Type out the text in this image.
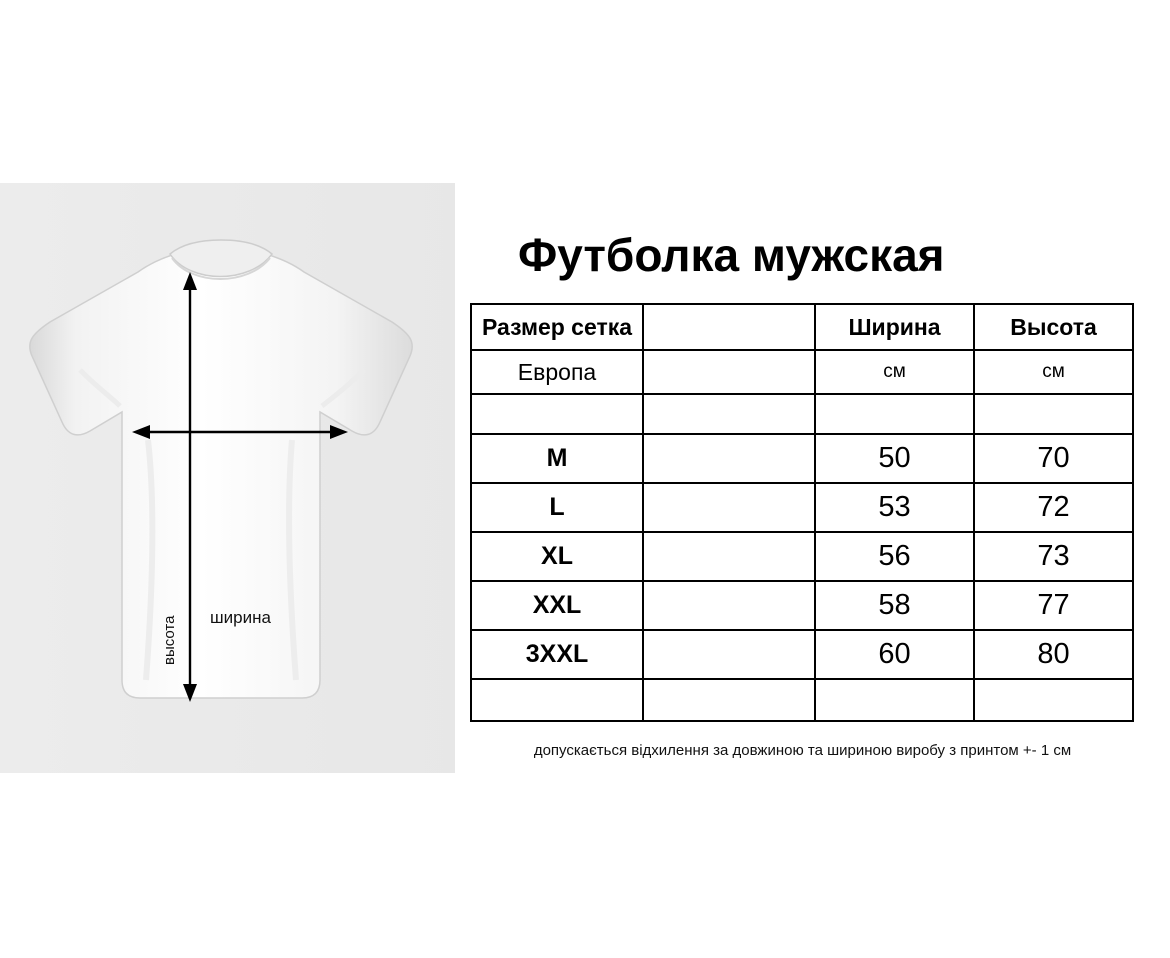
ширина
высота
Футболка мужская
Размер сетка		Ширина	Высота
Европа		см	см

M		50	70
L		53	72
XL		56	73
XXL		58	77
3XXL		60	80

допускається відхилення за довжиною та шириною виробу з принтом +- 1 см
